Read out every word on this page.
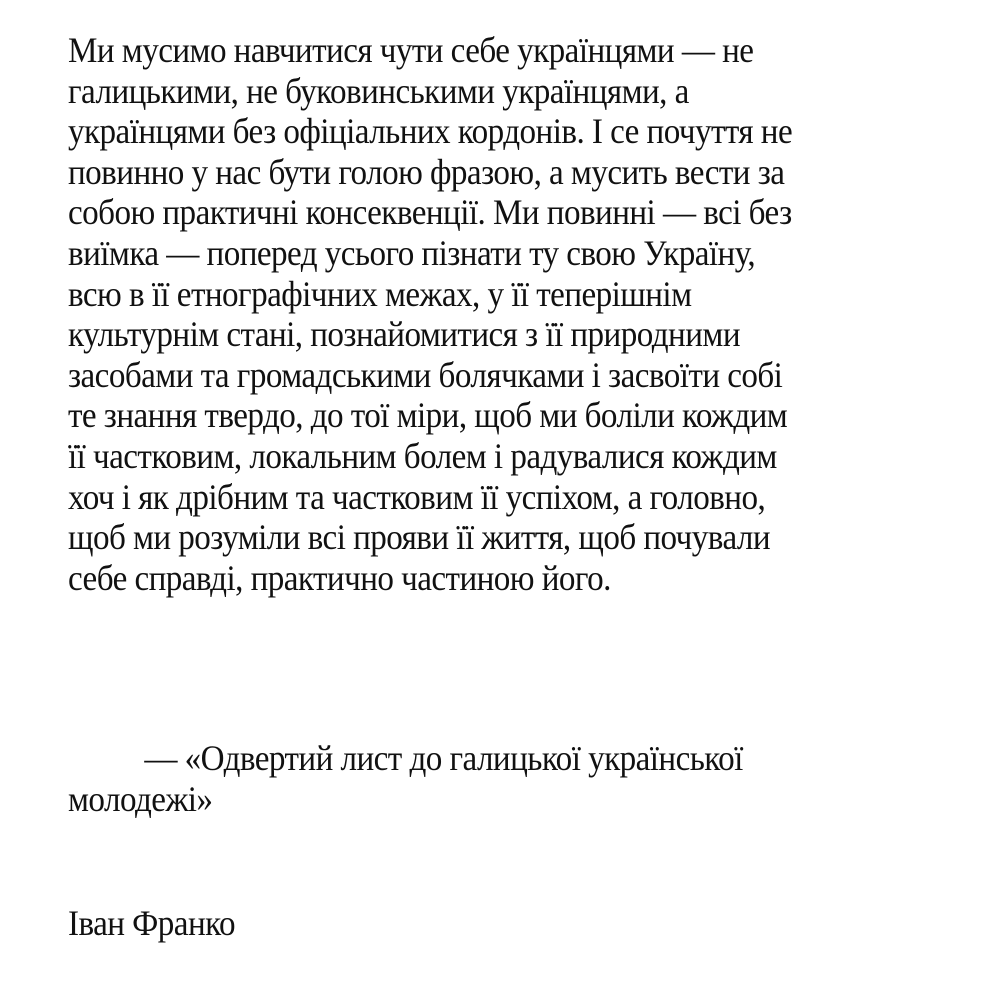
Ми мусимо навчитися чути себе українцями — не
галицькими, не буковинськими українцями, а
українцями без офіціальних кордонів. І се почуття не
повинно у нас бути голою фразою, а мусить вести за
собою практичні консеквенції. Ми повинні — всі без
виїмка — поперед усього пізнати ту свою Україну,
всю в її етнографічних межах, у її теперішнім
культурнім стані, познайомитися з її природними
засобами та громадськими болячками і засвоїти собі
те знання твердо, до тої міри, щоб ми боліли кождим
її частковим, локальним болем і радувалися кождим
хоч і як дрібним та частковим її успіхом, а головно,
щоб ми розуміли всі прояви її життя, щоб почували
себе справді, практично частиною його.
— «Одвертий лист до галицької української
молодежі»
Іван Франко
